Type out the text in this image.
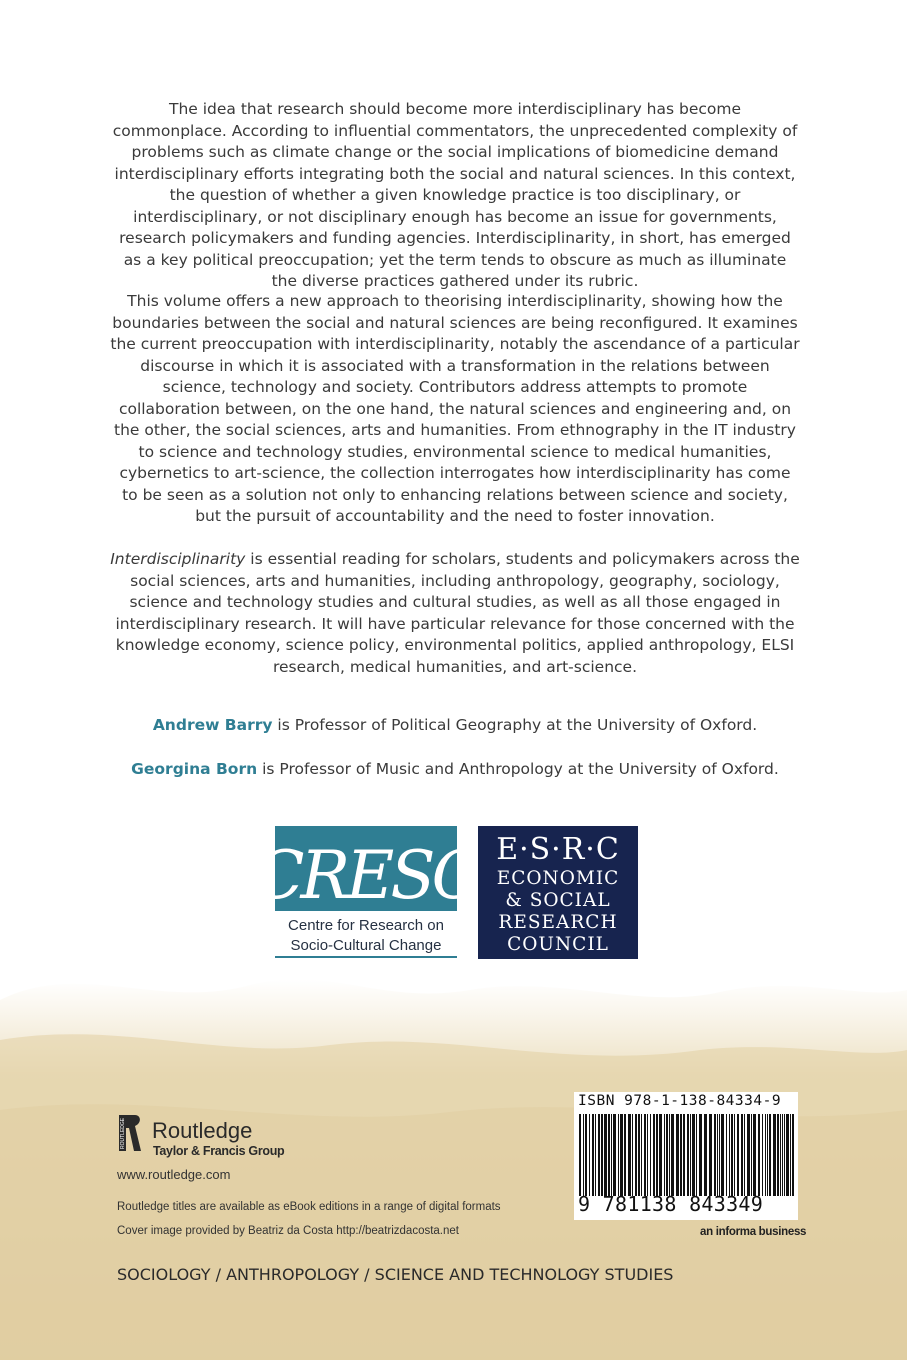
The idea that research should become more interdisciplinary has become commonplace. According to influential commentators, the unprecedented complexity of problems such as climate change or the social implications of biomedicine demand interdisciplinary efforts integrating both the social and natural sciences. In this context, the question of whether a given knowledge practice is too disciplinary, or interdisciplinary, or not disciplinary enough has become an issue for governments, research policymakers and funding agencies. Interdisciplinarity, in short, has emerged as a key political preoccupation; yet the term tends to obscure as much as illuminate the diverse practices gathered under its rubric.

This volume offers a new approach to theorising interdisciplinarity, showing how the boundaries between the social and natural sciences are being reconfigured. It examines the current preoccupation with interdisciplinarity, notably the ascendance of a particular discourse in which it is associated with a transformation in the relations between science, technology and society. Contributors address attempts to promote collaboration between, on the one hand, the natural sciences and engineering and, on the other, the social sciences, arts and humanities. From ethnography in the IT industry to science and technology studies, environmental science to medical humanities, cybernetics to art-science, the collection interrogates how interdisciplinarity has come to be seen as a solution not only to enhancing relations between science and society, but the pursuit of accountability and the need to foster innovation.

Interdisciplinarity is essential reading for scholars, students and policymakers across the social sciences, arts and humanities, including anthropology, geography, sociology, science and technology studies and cultural studies, as well as all those engaged in interdisciplinary research. It will have particular relevance for those concerned with the knowledge economy, science policy, environmental politics, applied anthropology, ELSI research, medical humanities, and art-science.

Andrew Barry is Professor of Political Geography at the University of Oxford.

Georgina Born is Professor of Music and Anthropology at the University of Oxford.

CRESC
Centre for Research on
Socio-Cultural Change
E·S·R·C
ECONOMIC
& SOCIAL
RESEARCH
COUNCIL
ROUTLEDGE Routledge
Taylor & Francis Group
www.routledge.com
Routledge titles are available as eBook editions in a range of digital formats
Cover image provided by Beatriz da Costa http://beatrizdacosta.net
ISBN 978-1-138-84334-9
9 781138 843349
an informa business
SOCIOLOGY / ANTHROPOLOGY / SCIENCE AND TECHNOLOGY STUDIES
